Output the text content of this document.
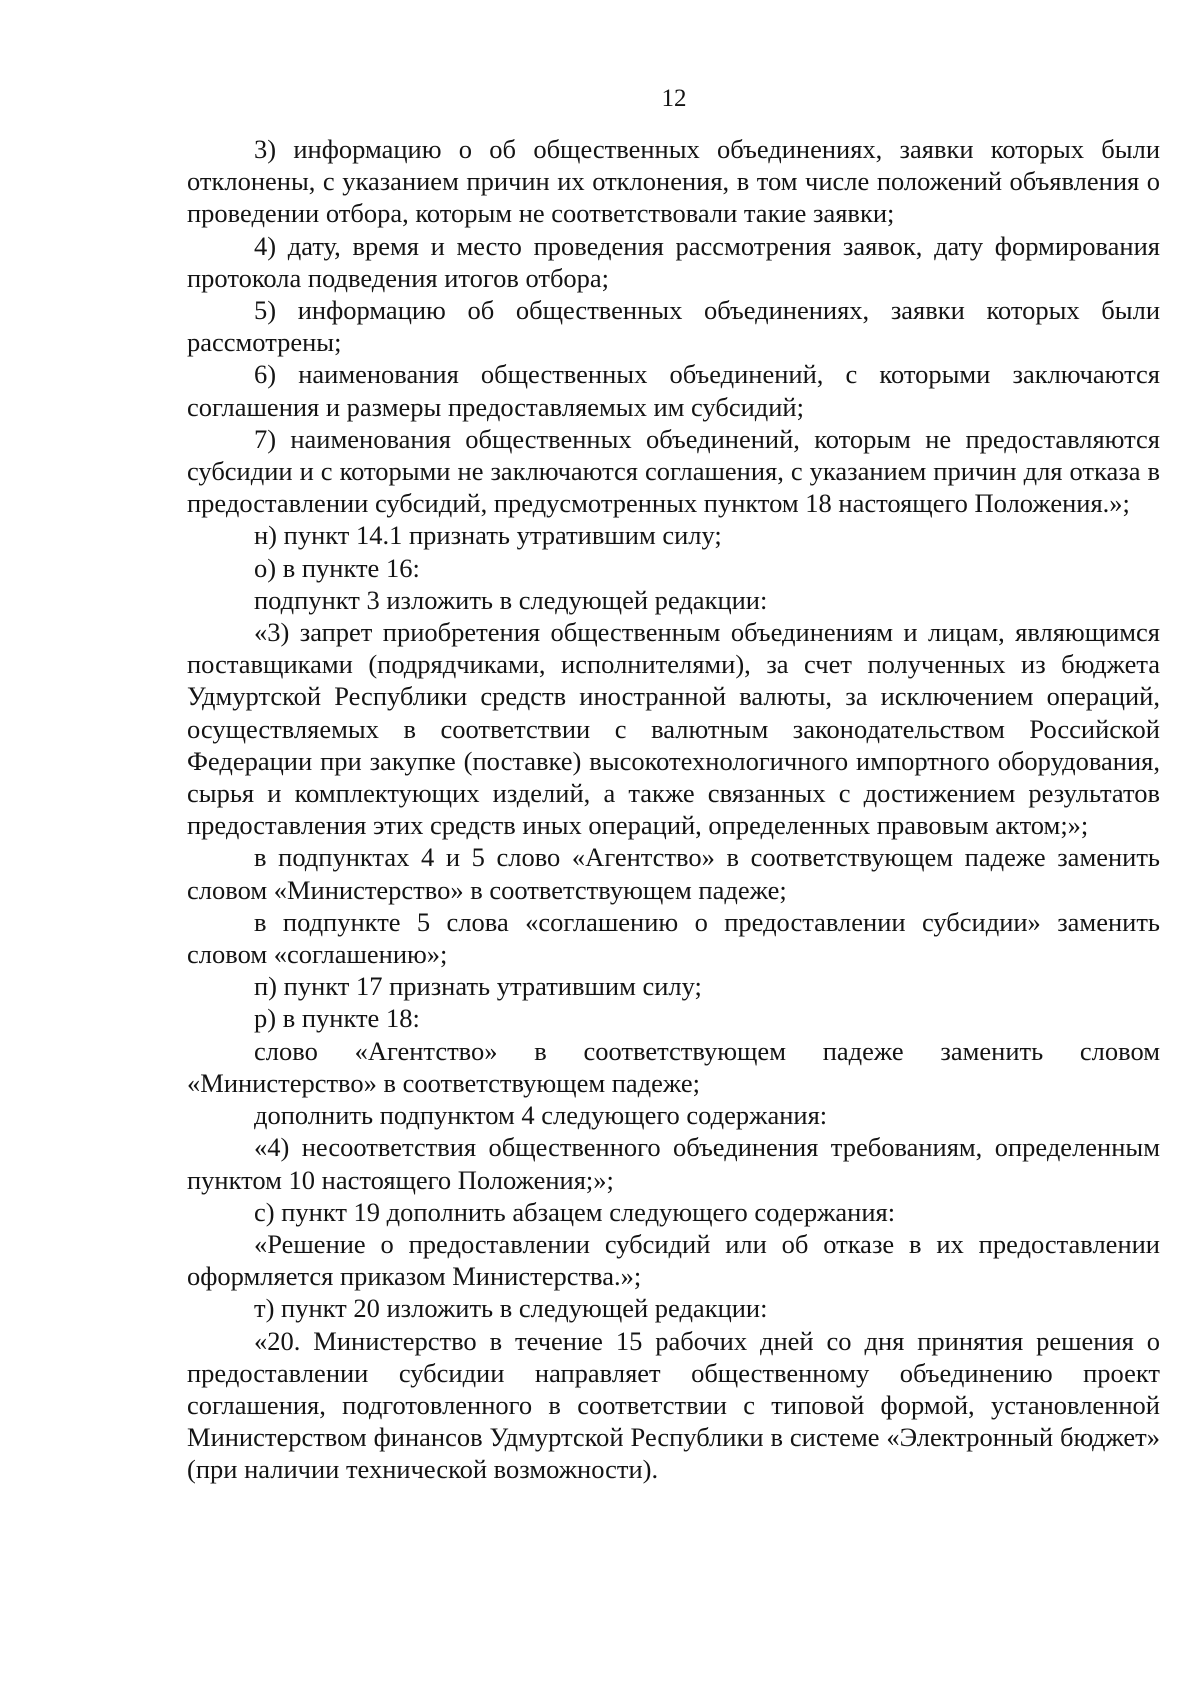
12

3) информацию о об общественных объединениях, заявки которых были отклонены, с указанием причин их отклонения, в том числе положений объявления о проведении отбора, которым не соответствовали такие заявки;

4) дату, время и место проведения рассмотрения заявок, дату формирования протокола подведения итогов отбора;

5) информацию об общественных объединениях, заявки которых были рассмотрены;

6) наименования общественных объединений, с которыми заключаются соглашения и размеры предоставляемых им субсидий;

7) наименования общественных объединений, которым не предоставляются субсидии и с которыми не заключаются соглашения, с указанием причин для отказа в предоставлении субсидий, предусмотренных пунктом 18 настоящего Положения.»;

н) пункт 14.1 признать утратившим силу;

о) в пункте 16:

подпункт 3 изложить в следующей редакции:

«3) запрет приобретения общественным объединениям и лицам, являющимся поставщиками (подрядчиками, исполнителями), за счет полученных из бюджета Удмуртской Республики средств иностранной валюты, за исключением операций, осуществляемых в соответствии с валютным законодательством Российской Федерации при закупке (поставке) высокотехнологичного импортного оборудования, сырья и комплектующих изделий, а также связанных с достижением результатов предоставления этих средств иных операций, определенных правовым актом;»;

в подпунктах 4 и 5 слово «Агентство» в соответствующем падеже заменить словом «Министерство» в соответствующем падеже;

в подпункте 5 слова «соглашению о предоставлении субсидии» заменить словом «соглашению»;

п) пункт 17 признать утратившим силу;

р) в пункте 18:

слово «Агентство» в соответствующем падеже заменить словом «Министерство» в соответствующем падеже;

дополнить подпунктом 4 следующего содержания:

«4) несоответствия общественного объединения требованиям, определенным пунктом 10 настоящего Положения;»;

с) пункт 19 дополнить абзацем следующего содержания:

«Решение о предоставлении субсидий или об отказе в их предоставлении оформляется приказом Министерства.»;

т) пункт 20 изложить в следующей редакции:

«20. Министерство в течение 15 рабочих дней со дня принятия решения о предоставлении субсидии направляет общественному объединению проект соглашения, подготовленного в соответствии с типовой формой, установленной Министерством финансов Удмуртской Республики в системе «Электронный бюджет» (при наличии технической возможности).
